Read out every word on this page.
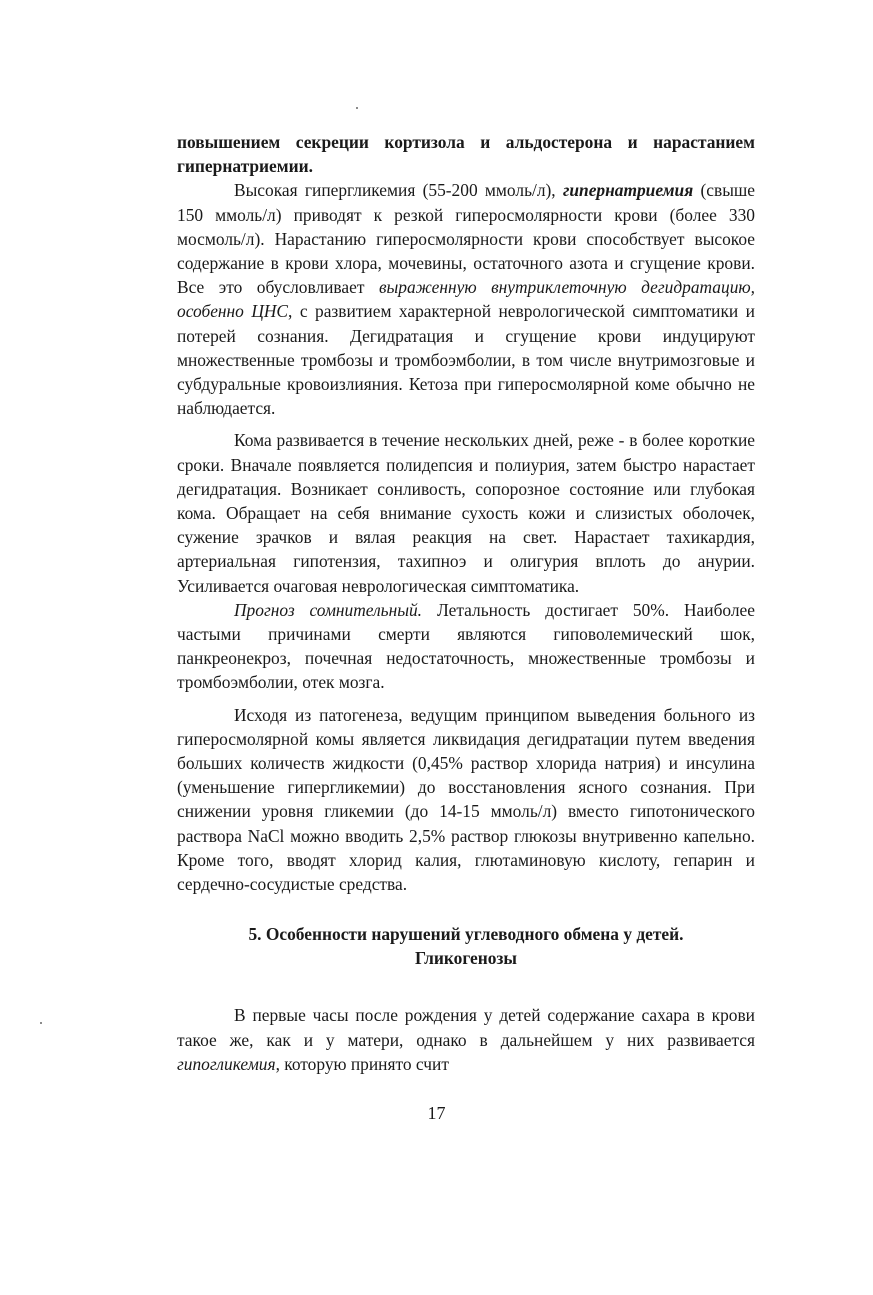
повышением секреции кортизола и альдостерона и нарастанием гипернатриемии.

Высокая гипергликемия (55-200 ммоль/л), гипернатриемия (свыше 150 ммоль/л) приводят к резкой гиперосмолярности крови (более 330 мосмоль/л). Нарастанию гиперосмолярности крови способствует высокое содержание в крови хлора, мочевины, остаточного азота и сгущение крови. Все это обусловливает выраженную внутриклеточную дегидратацию, особенно ЦНС, с развитием характерной неврологической симптоматики и потерей сознания. Дегидратация и сгущение крови индуцируют множественные тромбозы и тромбоэмболии, в том числе внутримозговые и субдуральные кровоизлияния. Кетоза при гиперосмолярной коме обычно не наблюдается.

Кома развивается в течение нескольких дней, реже - в более короткие сроки. Вначале появляется полидепсия и полиурия, затем быстро нарастает дегидратация. Возникает сонливость, сопорозное состояние или глубокая кома. Обращает на себя внимание сухость кожи и слизистых оболочек, сужение зрачков и вялая реакция на свет. Нарастает тахикардия, артериальная гипотензия, тахипноэ и олигурия вплоть до анурии. Усиливается очаговая неврологическая симптоматика.

Прогноз сомнительный. Летальность достигает 50%. Наиболее частыми причинами смерти являются гиповолемический шок, панкреонекроз, почечная недостаточность, множественные тромбозы и тромбоэмболии, отек мозга.

Исходя из патогенеза, ведущим принципом выведения больного из гиперосмолярной комы является ликвидация дегидратации путем введения больших количеств жидкости (0,45% раствор хлорида натрия) и инсулина (уменьшение гипергликемии) до восстановления ясного сознания. При снижении уровня гликемии (до 14-15 ммоль/л) вместо гипотонического раствора NaCl можно вводить 2,5% раствор глюкозы внутривенно капельно. Кроме того, вводят хлорид калия, глютаминовую кислоту, гепарин и сердечно-сосудистые средства.

5. Особенности нарушений углеводного обмена у детей.
Гликогенозы

В первые часы после рождения у детей содержание сахара в крови такое же, как и у матери, однако в дальнейшем у них развивается гипогликемия, которую принято счит

17
